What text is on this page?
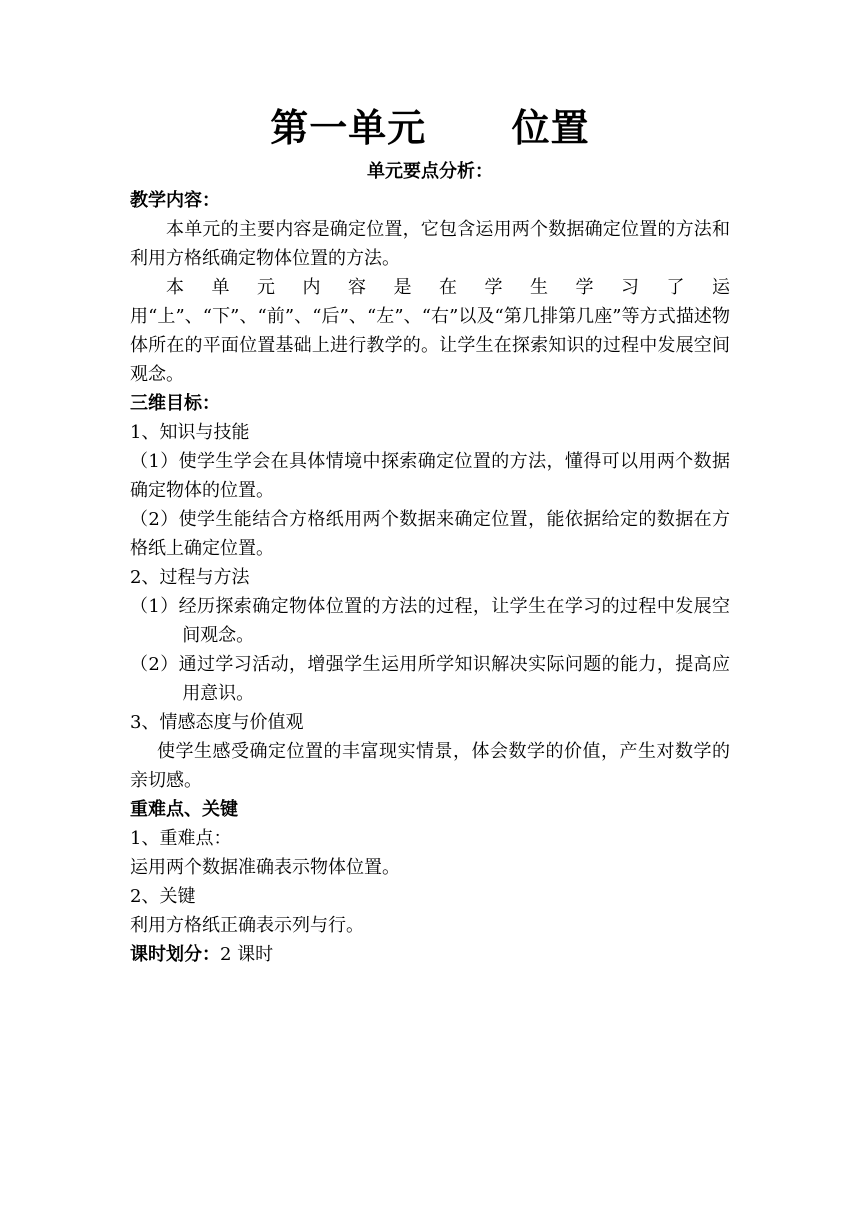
第一单元      位置
单元要点分析：
教学内容：

本单元的主要内容是确定位置，它包含运用两个数据确定位置的方法和利用方格纸确定物体位置的方法。

本单元内容是在学生学习了运用“上”、“下”、“前”、“后”、“左”、“右”以及“第几排第几座”等方式描述物体所在的平面位置基础上进行教学的。让学生在探索知识的过程中发展空间观念。

三维目标：

1、知识与技能

（1）使学生学会在具体情境中探索确定位置的方法，懂得可以用两个数据确定物体的位置。

（2）使学生能结合方格纸用两个数据来确定位置，能依据给定的数据在方格纸上确定位置。

2、过程与方法

（1）经历探索确定物体位置的方法的过程，让学生在学习的过程中发展空间观念。

（2）通过学习活动，增强学生运用所学知识解决实际问题的能力，提高应用意识。

3、情感态度与价值观

使学生感受确定位置的丰富现实情景，体会数学的价值，产生对数学的亲切感。

重难点、关键

1、重难点：

运用两个数据准确表示物体位置。

2、关键

利用方格纸正确表示列与行。

课时划分：2 课时
